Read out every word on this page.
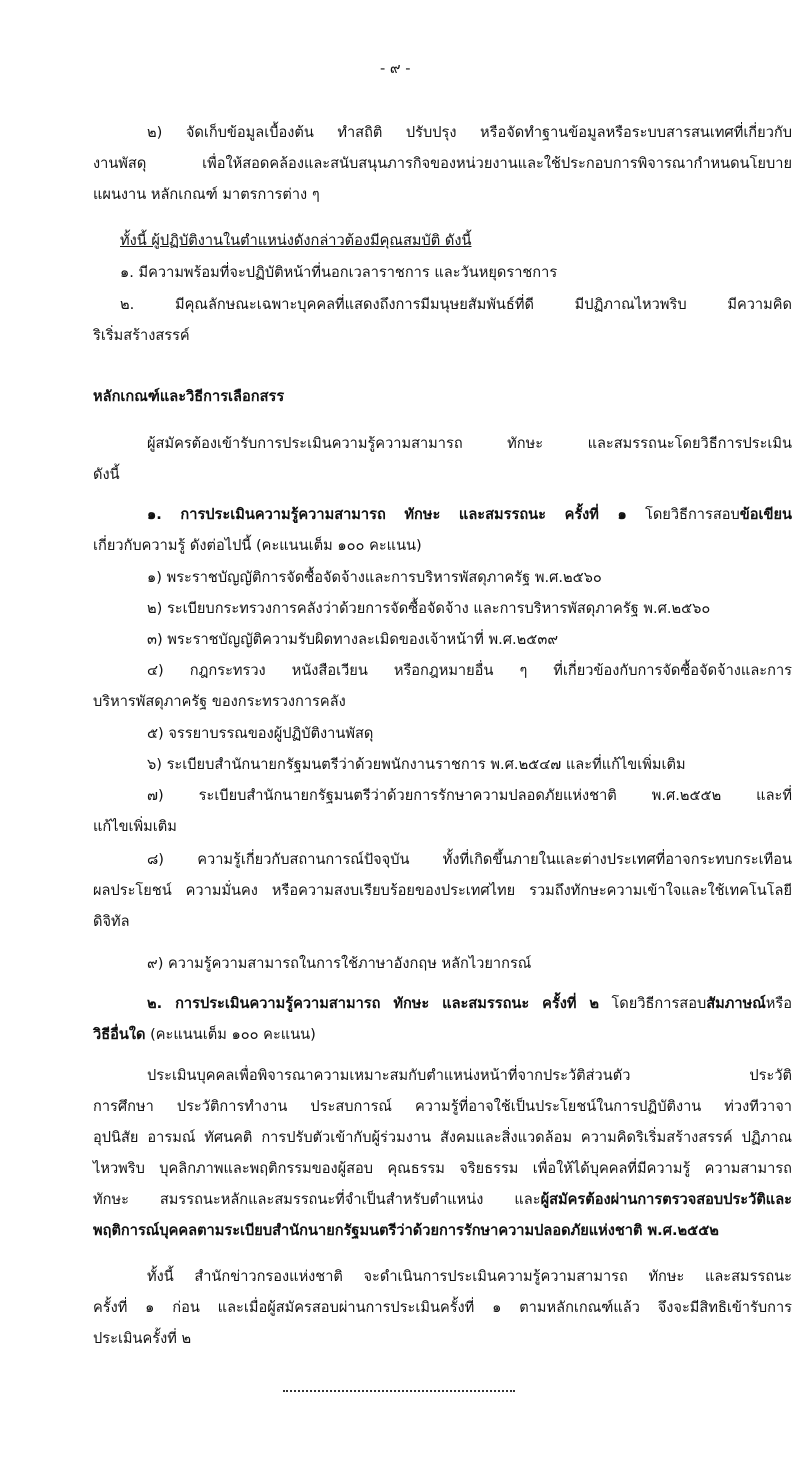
- ๙ -
๒) จัดเก็บข้อมูลเบื้องต้น ทำสถิติ ปรับปรุง หรือจัดทำฐานข้อมูลหรือระบบสารสนเทศที่เกี่ยวกับ
งานพัสดุ เพื่อให้สอดคล้องและสนับสนุนภารกิจของหน่วยงานและใช้ประกอบการพิจารณากำหนดนโยบาย
แผนงาน หลักเกณฑ์ มาตรการต่าง ๆ
ทั้งนี้ ผู้ปฏิบัติงานในตำแหน่งดังกล่าวต้องมีคุณสมบัติ ดังนี้
๑. มีความพร้อมที่จะปฏิบัติหน้าที่นอกเวลาราชการ และวันหยุดราชการ
๒. มีคุณลักษณะเฉพาะบุคคลที่แสดงถึงการมีมนุษยสัมพันธ์ที่ดี มีปฏิภาณไหวพริบ มีความคิด
ริเริ่มสร้างสรรค์
หลักเกณฑ์และวิธีการเลือกสรร
ผู้สมัครต้องเข้ารับการประเมินความรู้ความสามารถ ทักษะ และสมรรถนะโดยวิธีการประเมิน
ดังนี้
๑. การประเมินความรู้ความสามารถ ทักษะ และสมรรถนะ ครั้งที่ ๑ โดยวิธีการสอบข้อเขียน
เกี่ยวกับความรู้ ดังต่อไปนี้ (คะแนนเต็ม ๑๐๐ คะแนน)
๑) พระราชบัญญัติการจัดซื้อจัดจ้างและการบริหารพัสดุภาครัฐ พ.ศ.๒๕๖๐
๒) ระเบียบกระทรวงการคลังว่าด้วยการจัดซื้อจัดจ้าง และการบริหารพัสดุภาครัฐ พ.ศ.๒๕๖๐
๓) พระราชบัญญัติความรับผิดทางละเมิดของเจ้าหน้าที่ พ.ศ.๒๕๓๙
๔) กฎกระทรวง หนังสือเวียน หรือกฎหมายอื่น ๆ ที่เกี่ยวข้องกับการจัดซื้อจัดจ้างและการ
บริหารพัสดุภาครัฐ ของกระทรวงการคลัง
๕) จรรยาบรรณของผู้ปฏิบัติงานพัสดุ
๖) ระเบียบสำนักนายกรัฐมนตรีว่าด้วยพนักงานราชการ พ.ศ.๒๕๔๗ และที่แก้ไขเพิ่มเติม
๗) ระเบียบสำนักนายกรัฐมนตรีว่าด้วยการรักษาความปลอดภัยแห่งชาติ พ.ศ.๒๕๕๒ และที่
แก้ไขเพิ่มเติม
๘) ความรู้เกี่ยวกับสถานการณ์ปัจจุบัน ทั้งที่เกิดขึ้นภายในและต่างประเทศที่อาจกระทบกระเทือน
ผลประโยชน์ ความมั่นคง หรือความสงบเรียบร้อยของประเทศไทย รวมถึงทักษะความเข้าใจและใช้เทคโนโลยี
ดิจิทัล
๙) ความรู้ความสามารถในการใช้ภาษาอังกฤษ หลักไวยากรณ์
๒. การประเมินความรู้ความสามารถ ทักษะ และสมรรถนะ ครั้งที่ ๒ โดยวิธีการสอบสัมภาษณ์หรือ
วิธีอื่นใด (คะแนนเต็ม ๑๐๐ คะแนน)
ประเมินบุคคลเพื่อพิจารณาความเหมาะสมกับตำแหน่งหน้าที่จากประวัติส่วนตัว ประวัติ
การศึกษา ประวัติการทำงาน ประสบการณ์ ความรู้ที่อาจใช้เป็นประโยชน์ในการปฏิบัติงาน ท่วงทีวาจา
อุปนิสัย อารมณ์ ทัศนคติ การปรับตัวเข้ากับผู้ร่วมงาน สังคมและสิ่งแวดล้อม ความคิดริเริ่มสร้างสรรค์ ปฏิภาณ
ไหวพริบ บุคลิกภาพและพฤติกรรมของผู้สอบ คุณธรรม จริยธรรม เพื่อให้ได้บุคคลที่มีความรู้ ความสามารถ
ทักษะ สมรรถนะหลักและสมรรถนะที่จำเป็นสำหรับตำแหน่ง และผู้สมัครต้องผ่านการตรวจสอบประวัติและ
พฤติการณ์บุคคลตามระเบียบสำนักนายกรัฐมนตรีว่าด้วยการรักษาความปลอดภัยแห่งชาติ พ.ศ.๒๕๕๒
ทั้งนี้ สำนักข่าวกรองแห่งชาติ จะดำเนินการประเมินความรู้ความสามารถ ทักษะ และสมรรถนะ
ครั้งที่ ๑ ก่อน และเมื่อผู้สมัครสอบผ่านการประเมินครั้งที่ ๑ ตามหลักเกณฑ์แล้ว จึงจะมีสิทธิเข้ารับการ
ประเมินครั้งที่ ๒
